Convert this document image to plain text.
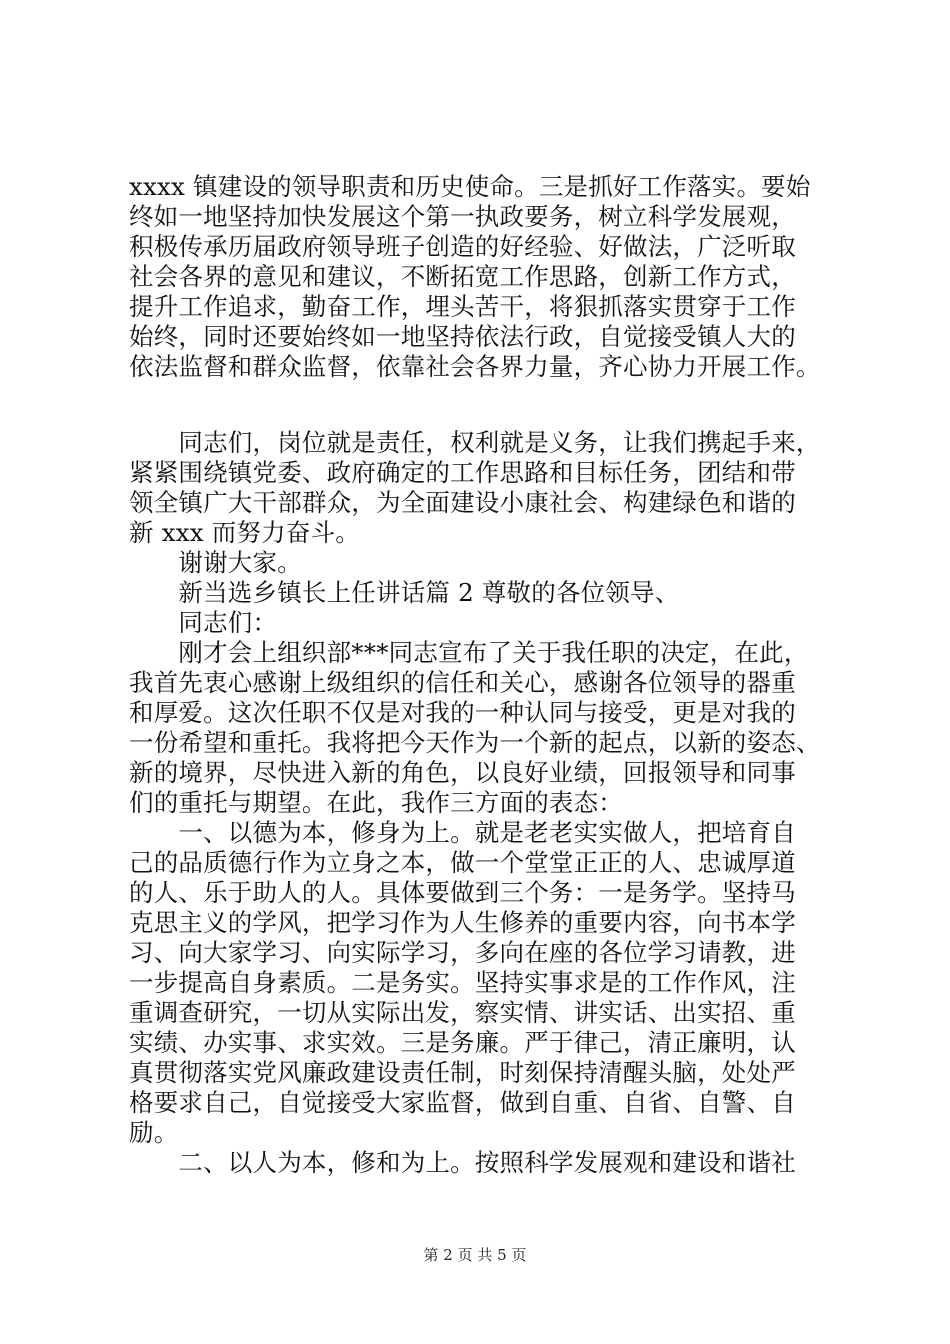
xxxx 镇建设的领导职责和历史使命。三是抓好工作落实。要始
终如一地坚持加快发展这个第一执政要务，树立科学发展观，
积极传承历届政府领导班子创造的好经验、好做法，广泛听取
社会各界的意见和建议，不断拓宽工作思路，创新工作方式，
提升工作追求，勤奋工作，埋头苦干，将狠抓落实贯穿于工作
始终，同时还要始终如一地坚持依法行政，自觉接受镇人大的
依法监督和群众监督，依靠社会各界力量，齐心协力开展工作。
　　同志们，岗位就是责任，权利就是义务，让我们携起手来，
紧紧围绕镇党委、政府确定的工作思路和目标任务，团结和带
领全镇广大干部群众，为全面建设小康社会、构建绿色和谐的
新 xxx 而努力奋斗。
　　谢谢大家。
　　新当选乡镇长上任讲话篇 2 尊敬的各位领导、
　　同志们：
　　刚才会上组织部***同志宣布了关于我任职的决定，在此，
我首先衷心感谢上级组织的信任和关心，感谢各位领导的器重
和厚爱。这次任职不仅是对我的一种认同与接受，更是对我的
一份希望和重托。我将把今天作为一个新的起点，以新的姿态、
新的境界，尽快进入新的角色，以良好业绩，回报领导和同事
们的重托与期望。在此，我作三方面的表态：
　　一、以德为本，修身为上。就是老老实实做人，把培育自
己的品质德行作为立身之本，做一个堂堂正正的人、忠诚厚道
的人、乐于助人的人。具体要做到三个务：一是务学。坚持马
克思主义的学风，把学习作为人生修养的重要内容，向书本学
习、向大家学习、向实际学习，多向在座的各位学习请教，进
一步提高自身素质。二是务实。坚持实事求是的工作作风，注
重调查研究，一切从实际出发，察实情、讲实话、出实招、重
实绩、办实事、求实效。三是务廉。严于律己，清正廉明，认
真贯彻落实党风廉政建设责任制，时刻保持清醒头脑，处处严
格要求自己，自觉接受大家监督，做到自重、自省、自警、自
励。
　　二、以人为本，修和为上。按照科学发展观和建设和谐社
第 2 页 共 5 页
